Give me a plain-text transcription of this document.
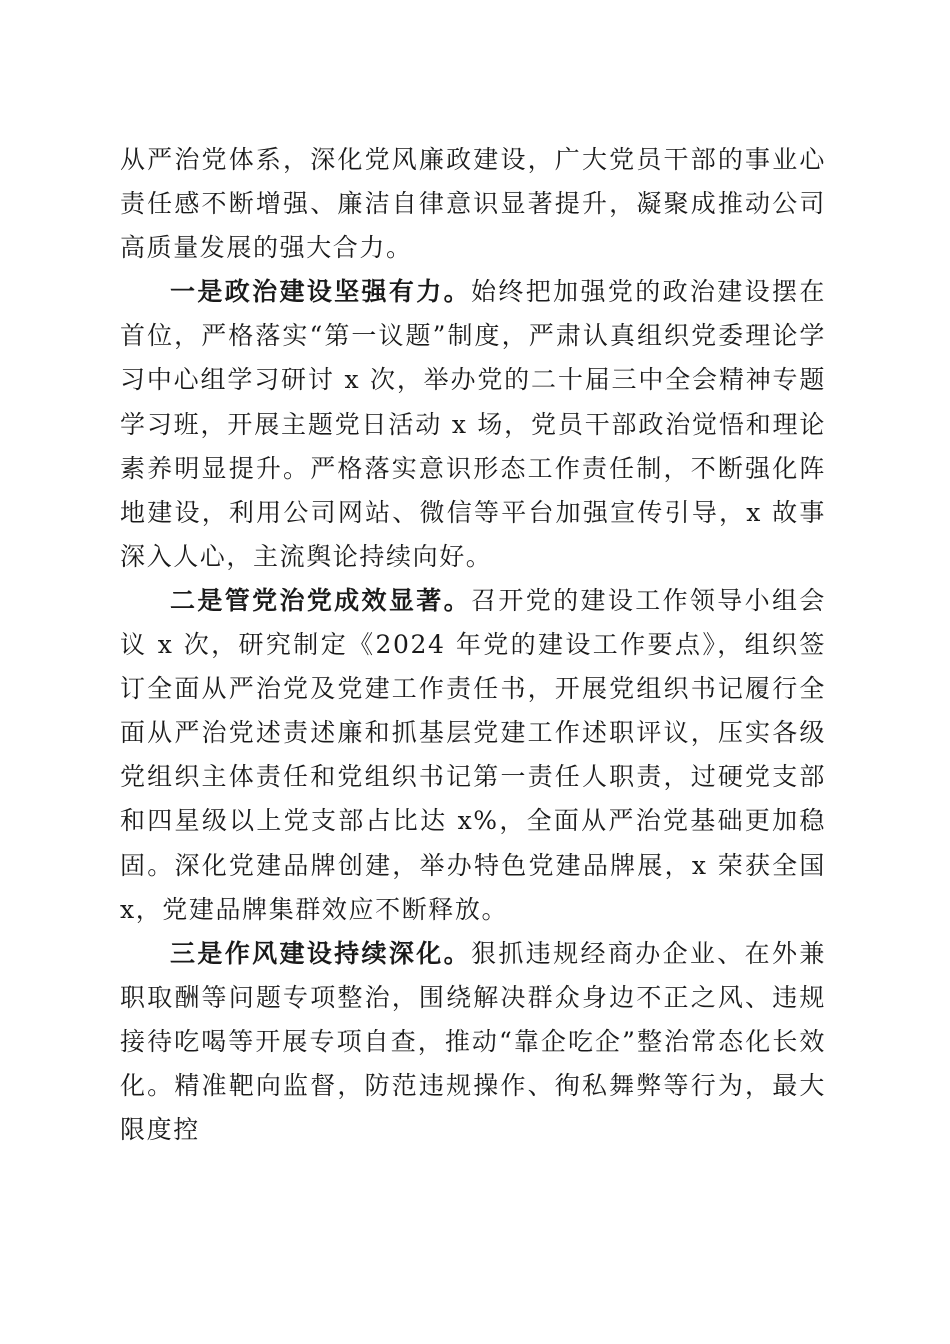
从严治党体系，深化党风廉政建设，广大党员干部的事业心责任感不断增强、廉洁自律意识显著提升，凝聚成推动公司高质量发展的强大合力。

一是政治建设坚强有力。始终把加强党的政治建设摆在首位，严格落实“第一议题”制度，严肃认真组织党委理论学习中心组学习研讨 x 次，举办党的二十届三中全会精神专题学习班，开展主题党日活动 x 场，党员干部政治觉悟和理论素养明显提升。严格落实意识形态工作责任制，不断强化阵地建设，利用公司网站、微信等平台加强宣传引导，x 故事深入人心，主流舆论持续向好。

二是管党治党成效显著。召开党的建设工作领导小组会议 x 次，研究制定《2024 年党的建设工作要点》，组织签订全面从严治党及党建工作责任书，开展党组织书记履行全面从严治党述责述廉和抓基层党建工作述职评议，压实各级党组织主体责任和党组织书记第一责任人职责，过硬党支部和四星级以上党支部占比达 x%，全面从严治党基础更加稳固。深化党建品牌创建，举办特色党建品牌展，x 荣获全国 x，党建品牌集群效应不断释放。

三是作风建设持续深化。狠抓违规经商办企业、在外兼职取酬等问题专项整治，围绕解决群众身边不正之风、违规接待吃喝等开展专项自查，推动“靠企吃企”整治常态化长效化。精准靶向监督，防范违规操作、徇私舞弊等行为，最大限度控
